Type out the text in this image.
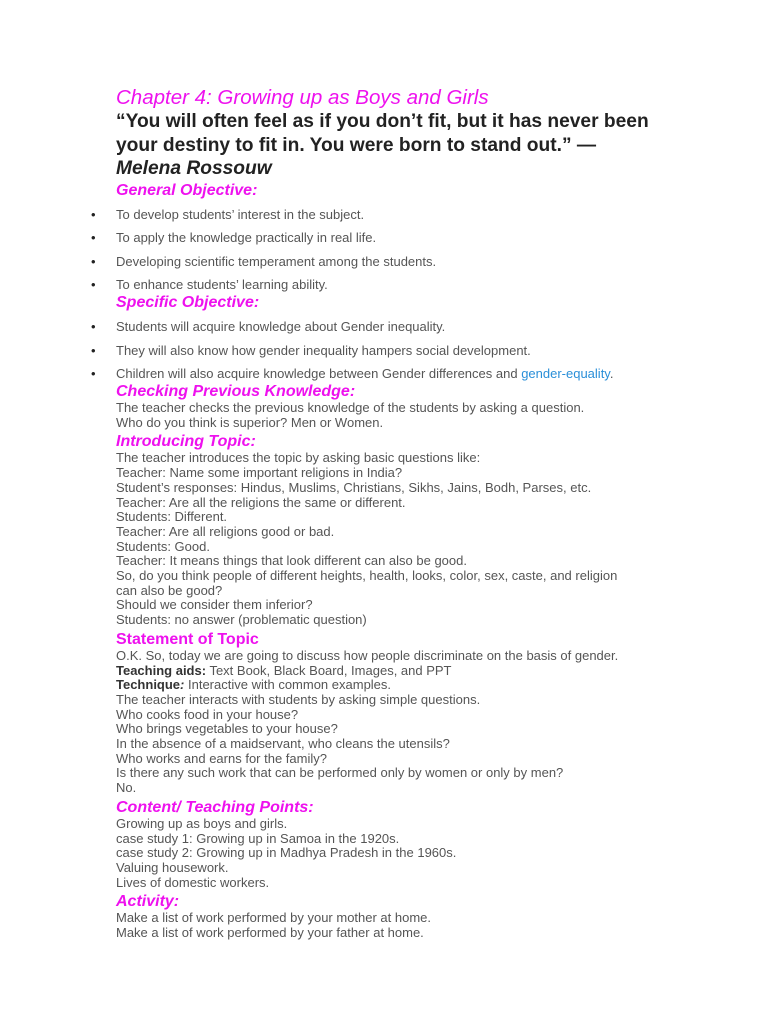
Chapter 4: Growing up as Boys and Girls

“You will often feel as if you don’t fit, but it has never been your destiny to fit in. You were born to stand out.” — Melena Rossouw

General Objective:
• To develop students’ interest in the subject.
• To apply the knowledge practically in real life.
• Developing scientific temperament among the students.
• To enhance students’ learning ability.
Specific Objective:
• Students will acquire knowledge about Gender inequality.
• They will also know how gender inequality hampers social development.
• Children will also acquire knowledge between Gender differences and gender-equality.
Checking Previous Knowledge:

The teacher checks the previous knowledge of the students by asking a question.

Who do you think is superior? Men or Women.

Introducing Topic:

The teacher introduces the topic by asking basic questions like:

Teacher: Name some important religions in India?

Student’s responses: Hindus, Muslims, Christians, Sikhs, Jains, Bodh, Parses, etc.

Teacher: Are all the religions the same or different.

Students: Different.

Teacher: Are all religions good or bad.

Students: Good.

Teacher: It means things that look different can also be good.

So, do you think people of different heights, health, looks, color, sex, caste, and religion

can also be good?

Should we consider them inferior?

Students: no answer (problematic question)

Statement of Topic

O.K. So, today we are going to discuss how people discriminate on the basis of gender.

Teaching aids: Text Book, Black Board, Images, and PPT

Technique: Interactive with common examples.

The teacher interacts with students by asking simple questions.

Who cooks food in your house?

Who brings vegetables to your house?

In the absence of a maidservant, who cleans the utensils?

Who works and earns for the family?

Is there any such work that can be performed only by women or only by men?

No.

Content/ Teaching Points:

Growing up as boys and girls.

case study 1: Growing up in Samoa in the 1920s.

case study 2: Growing up in Madhya Pradesh in the 1960s.

Valuing housework.

Lives of domestic workers.

Activity:

Make a list of work performed by your mother at home.

Make a list of work performed by your father at home.
